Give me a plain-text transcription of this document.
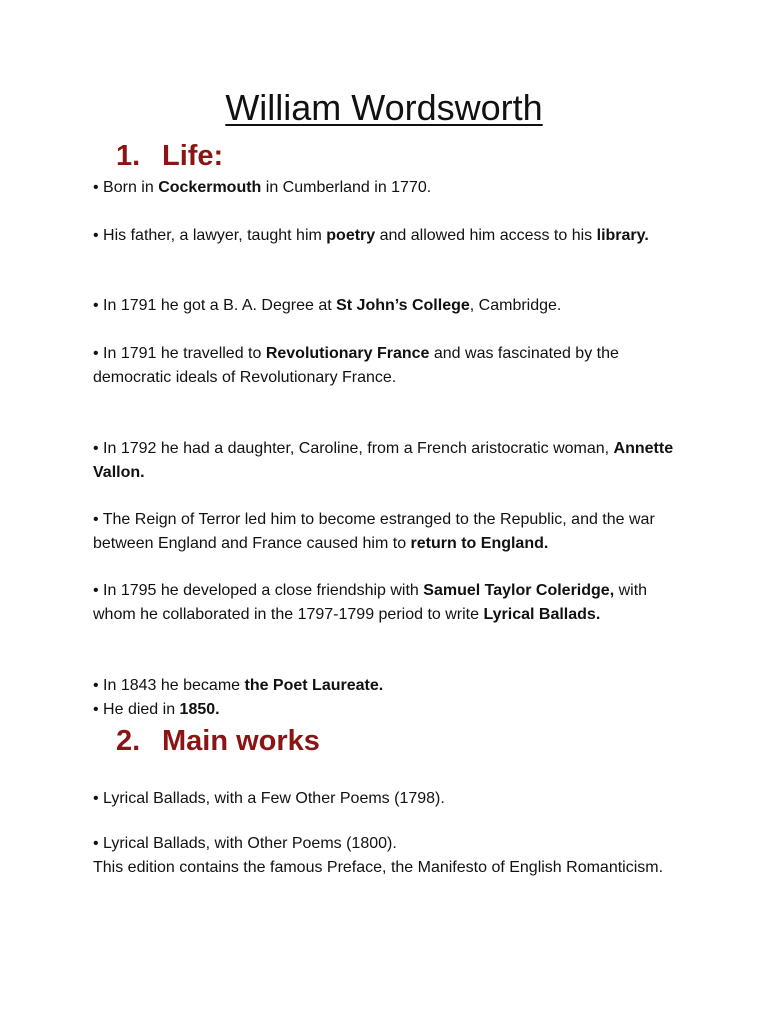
William Wordsworth
1. Life:

• Born in Cockermouth in Cumberland in 1770.

• His father, a lawyer, taught him poetry and allowed him access to his library.

• In 1791 he got a B. A. Degree at St John’s College, Cambridge.

• In 1791 he travelled to Revolutionary France and was fascinated by the democratic ideals of Revolutionary France.

• In 1792 he had a daughter, Caroline, from a French aristocratic woman, Annette Vallon.

• The Reign of Terror led him to become estranged to the Republic, and the war between England and France caused him to return to England.

• In 1795 he developed a close friendship with Samuel Taylor Coleridge, with whom he collaborated in the 1797-1799 period to write Lyrical Ballads.

• In 1843 he became the Poet Laureate.

• He died in 1850.

2. Main works

• Lyrical Ballads, with a Few Other Poems (1798).

• Lyrical Ballads, with Other Poems (1800).
This edition contains the famous Preface, the Manifesto of English Romanticism.
